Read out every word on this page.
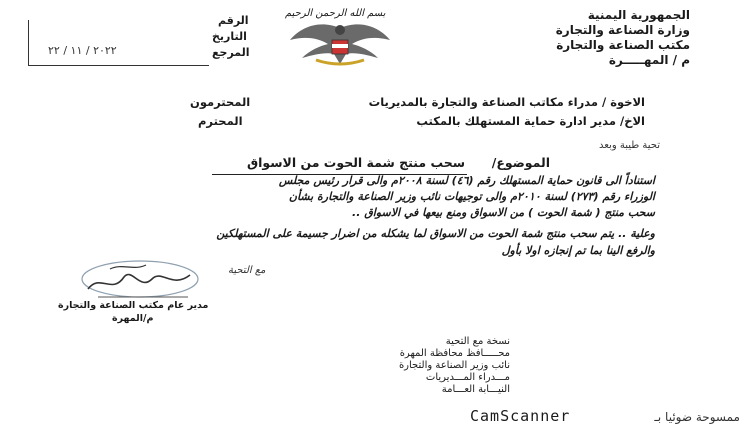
الجمهورية اليمنية
وزارة الصناعة والتجارة
مكتب الصناعة والتجارة
م / المهـــــرة
بسم الله الرحمن الرحيم
الرقم
التاريخ
المرجع
٢٠٢٢ / ١١ / ٢٢
الاخوة / مدراء مكاتب الصناعة والتجارة بالمديريات
المحترمون
الاخ/ مدير ادارة حماية المستهلك بالمكتب
المحترم
تحية طيبة وبعد
الموضوع/
سحب منتج شمة الحوت من الاسواق
استناداً الى قانون حماية المستهلك رقم (٤٦) لسنة ٢٠٠٨م والى قرار رئيس مجلس
الوزراء رقم (٢٧٣) لسنة ٢٠١٠م والى توجيهات نائب وزير الصناعة والتجارة بشأن
سحب منتج ( شمة الحوت ) من الاسواق ومنع بيعها في الاسواق ..
وعلية .. يتم سحب منتج شمة الحوت من الاسواق لما يشكله من اضرار جسيمة على المستهلكين
والرفع الينا بما تم إنجازه اولا بأول
مع التحية
مدير عام مكتب الصناعة والتجارة
م/المهرة
نسخة مع التحية
محـــــافظ محافظة المهرة
نائب وزير الصناعة والتجارة
مـــدراء المـــديريات
النيـــابة العـــامة
ممسوحة ضوئيا بـ
CamScanner
